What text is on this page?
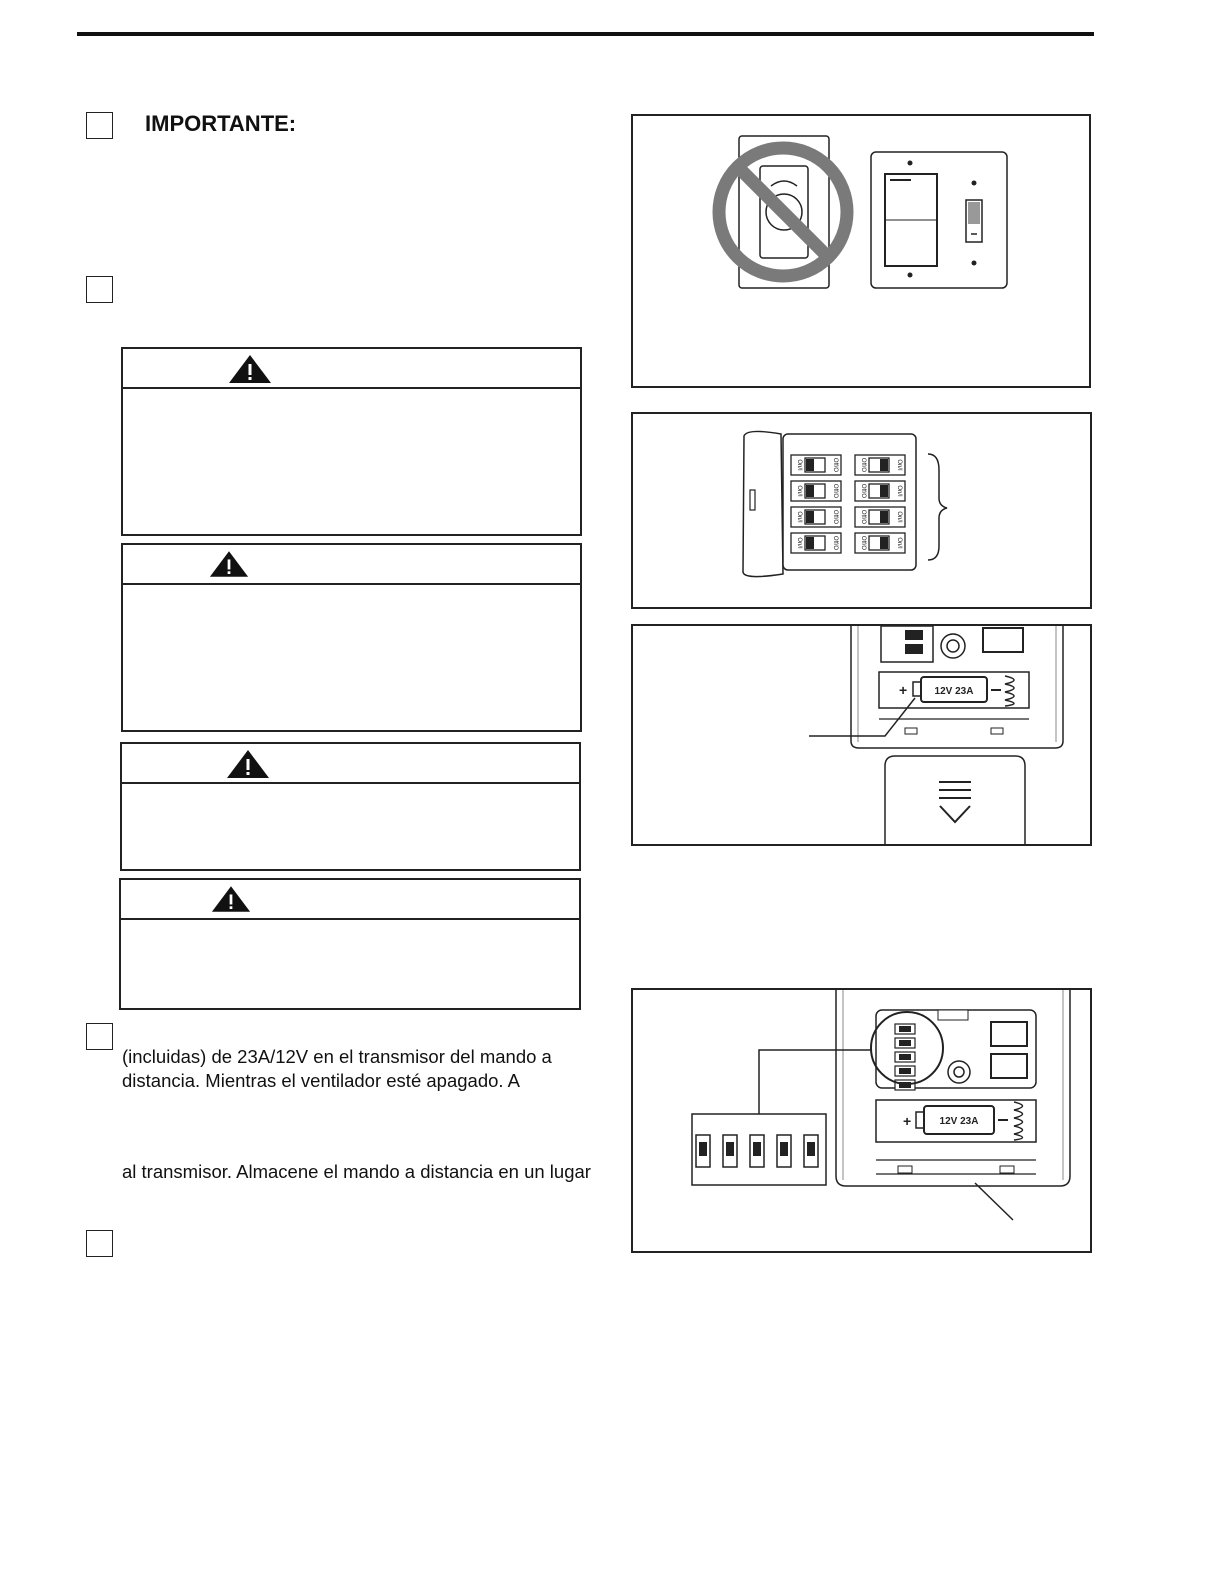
IMPORTANTE:
(incluidas) de 23A/12V en el transmisor del mando a
distancia. Mientras el ventilador esté apagado. A
al transmisor. Almacene el mando a distancia en un lugar
On/I	Off/O	Off/O	On/I
On/I	Off/O	Off/O	On/I
On/I	Off/O	Off/O	On/I
On/I	Off/O	Off/O	On/I
+	12V 23A
+	12V 23A
